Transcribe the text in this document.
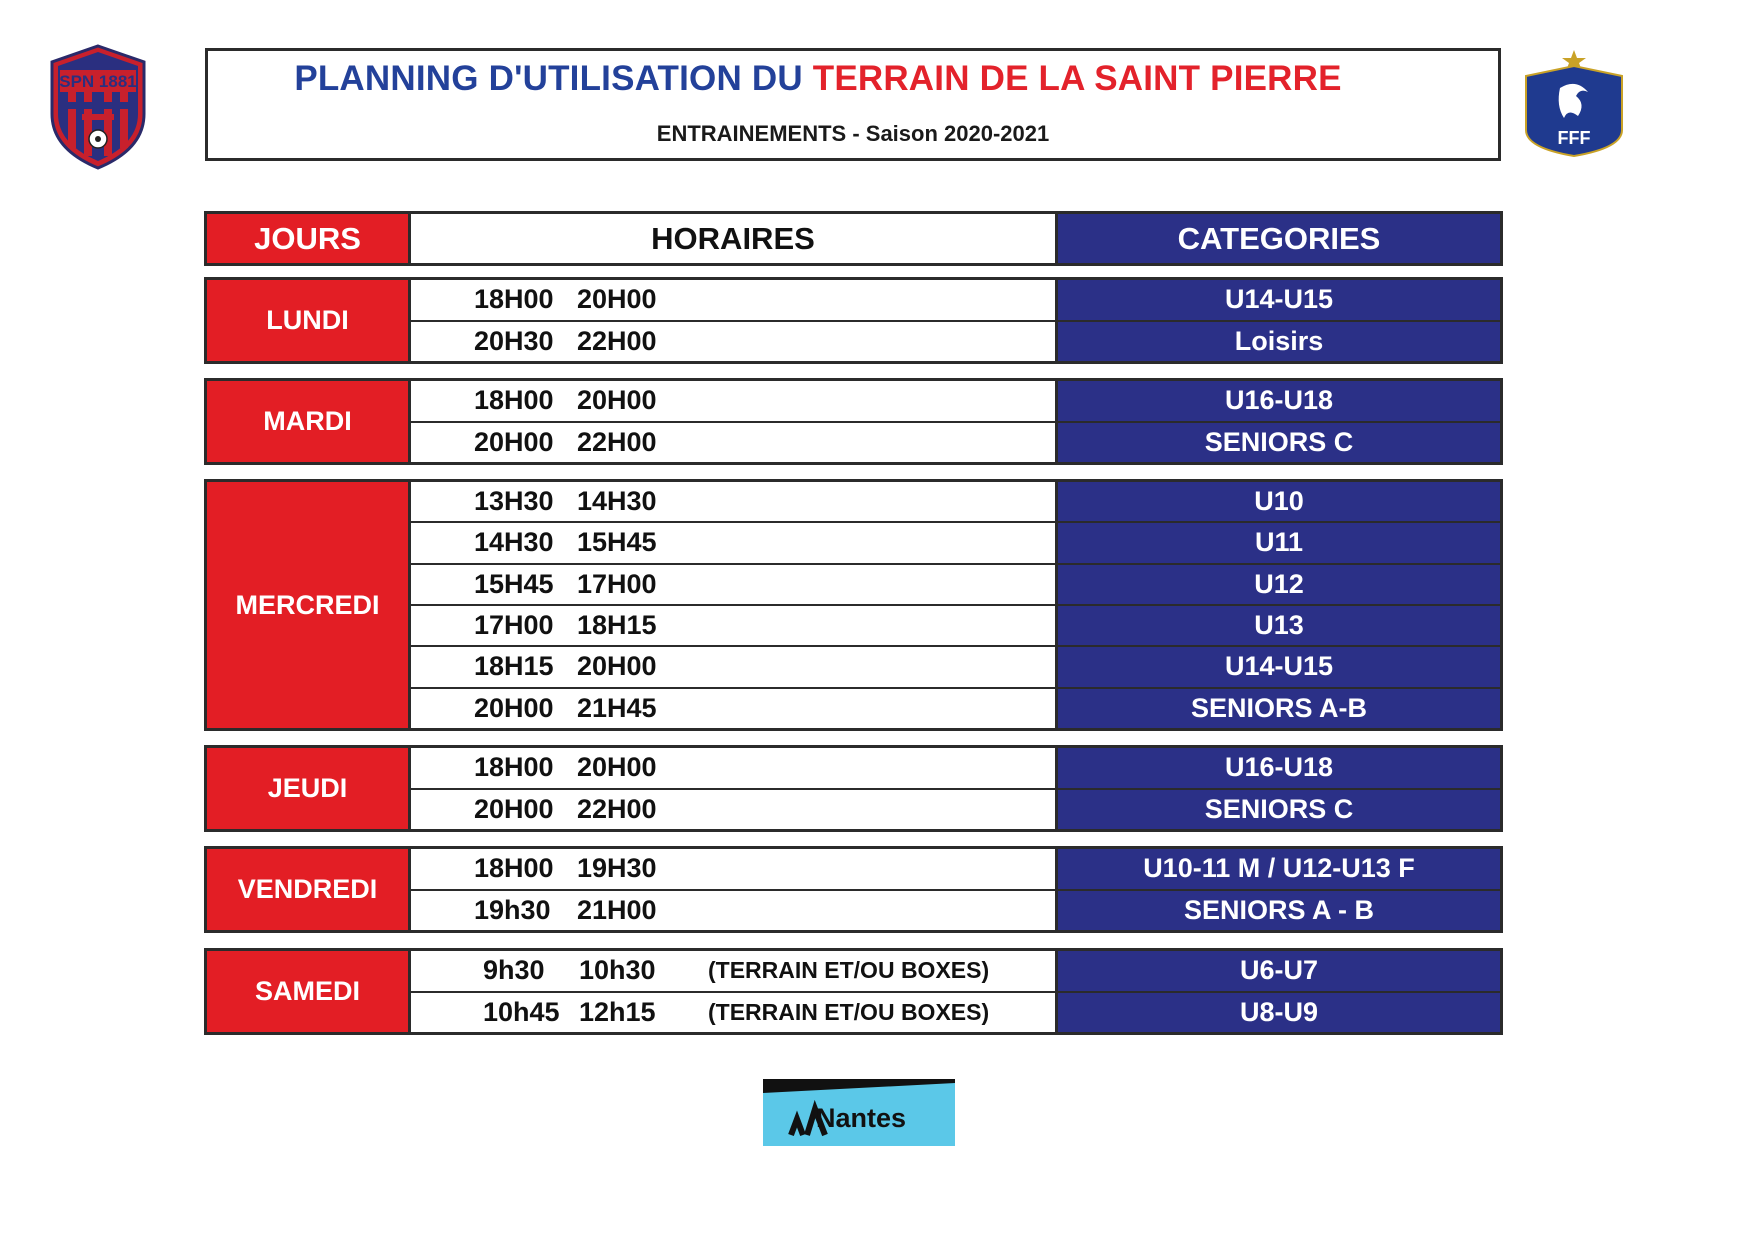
SPN 1881	PLANNING D'UTILISATION DU TERRAIN DE LA SAINT PIERRE
ENTRAINEMENTS - Saison 2020-2021	FFF
JOURS	HORAIRES	CATEGORIES
LUNDI
18H00 20H00	U14-U15
20H30 22H00	Loisirs
MARDI
18H00 20H00	U16-U18
20H00 22H00	SENIORS C
MERCREDI
13H30 14H30	U10
14H30 15H45	U11
15H45 17H00	U12
17H00 18H15	U13
18H15 20H00	U14-U15
20H00 21H45	SENIORS A-B
JEUDI
18H00 20H00	U16-U18
20H00 22H00	SENIORS C
VENDREDI
18H00 19H30	U10-11 M / U12-U13 F
19h30 21H00	SENIORS A - B
SAMEDI
9h30 10h30 (TERRAIN ET/OU BOXES)	U6-U7
10h45 12h15 (TERRAIN ET/OU BOXES)	U8-U9
Nantes
